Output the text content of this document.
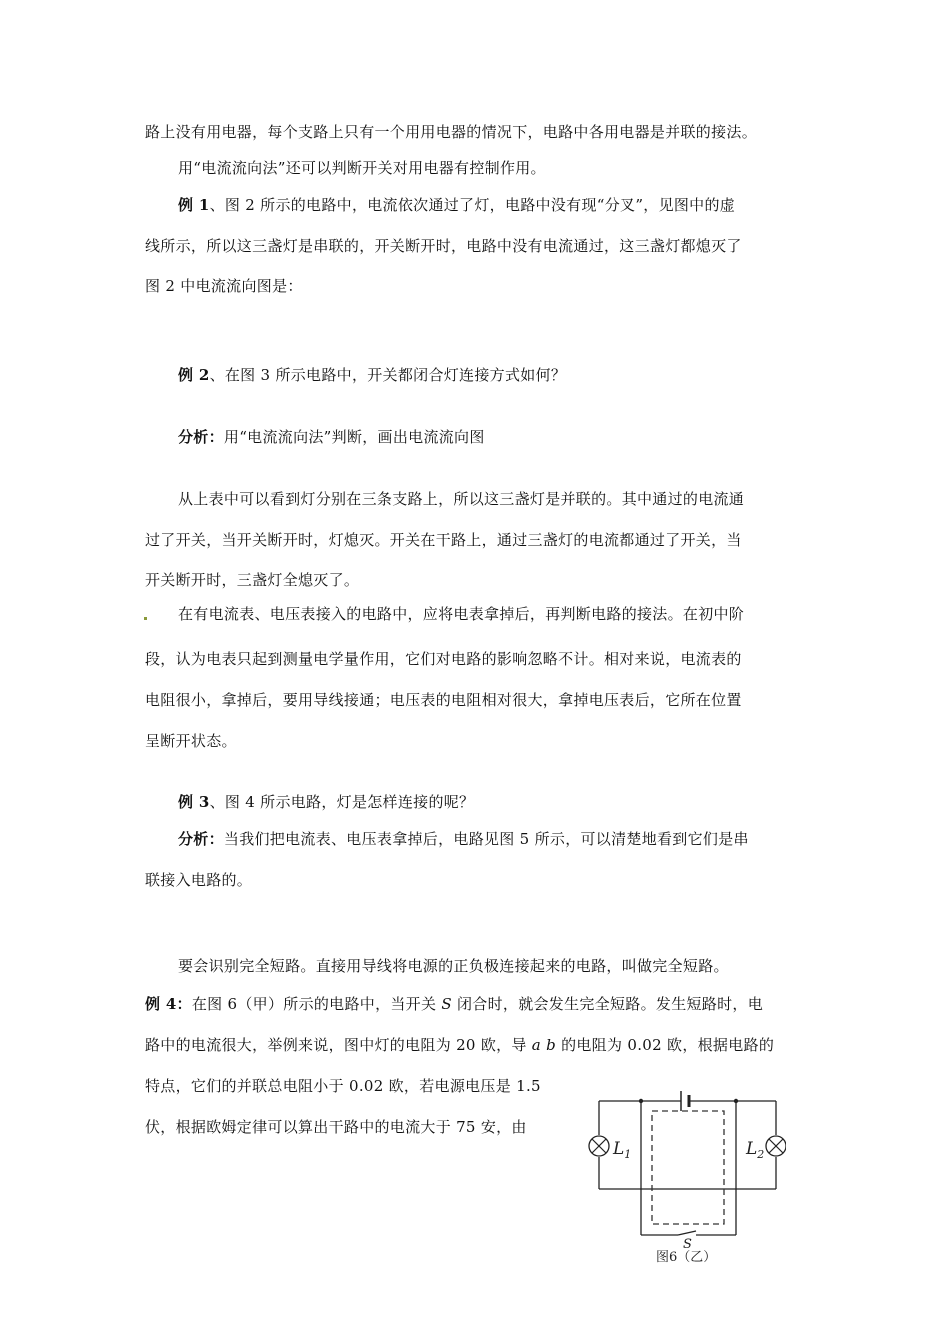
路上没有用电器，每个支路上只有一个用用电器的情况下，电路中各用电器是并联的接法。
用“电流流向法”还可以判断开关对用电器有控制作用。
例 1、图 2 所示的电路中，电流依次通过了灯，电路中没有现“分叉”，见图中的虚
线所示，所以这三盏灯是串联的，开关断开时，电路中没有电流通过，这三盏灯都熄灭了
图 2 中电流流向图是：
例 2、在图 3 所示电路中，开关都闭合灯连接方式如何？
分析：用“电流流向法”判断，画出电流流向图
从上表中可以看到灯分别在三条支路上，所以这三盏灯是并联的。其中通过的电流通
过了开关，当开关断开时，灯熄灭。开关在干路上，通过三盏灯的电流都通过了开关，当
开关断开时，三盏灯全熄灭了。
在有电流表、电压表接入的电路中，应将电表拿掉后，再判断电路的接法。在初中阶
段，认为电表只起到测量电学量作用，它们对电路的影响忽略不计。相对来说，电流表的
电阻很小，拿掉后，要用导线接通；电压表的电阻相对很大，拿掉电压表后，它所在位置
呈断开状态。
例 3、图 4 所示电路，灯是怎样连接的呢？
分析：当我们把电流表、电压表拿掉后，电路见图 5 所示，可以清楚地看到它们是串
联接入电路的。
要会识别完全短路。直接用导线将电源的正负极连接起来的电路，叫做完全短路。
例 4：在图 6（甲）所示的电路中，当开关 S 闭合时，就会发生完全短路。发生短路时，电
路中的电流很大，举例来说，图中灯的电阻为 20 欧，导 a b 的电阻为 0.02 欧，根据电路的
特点，它们的并联总电阻小于 0.02 欧，若电源电压是 1.5
伏，根据欧姆定律可以算出干路中的电流大于 75 安，由
$L_1$	$L_2$
S
图6（乙）
